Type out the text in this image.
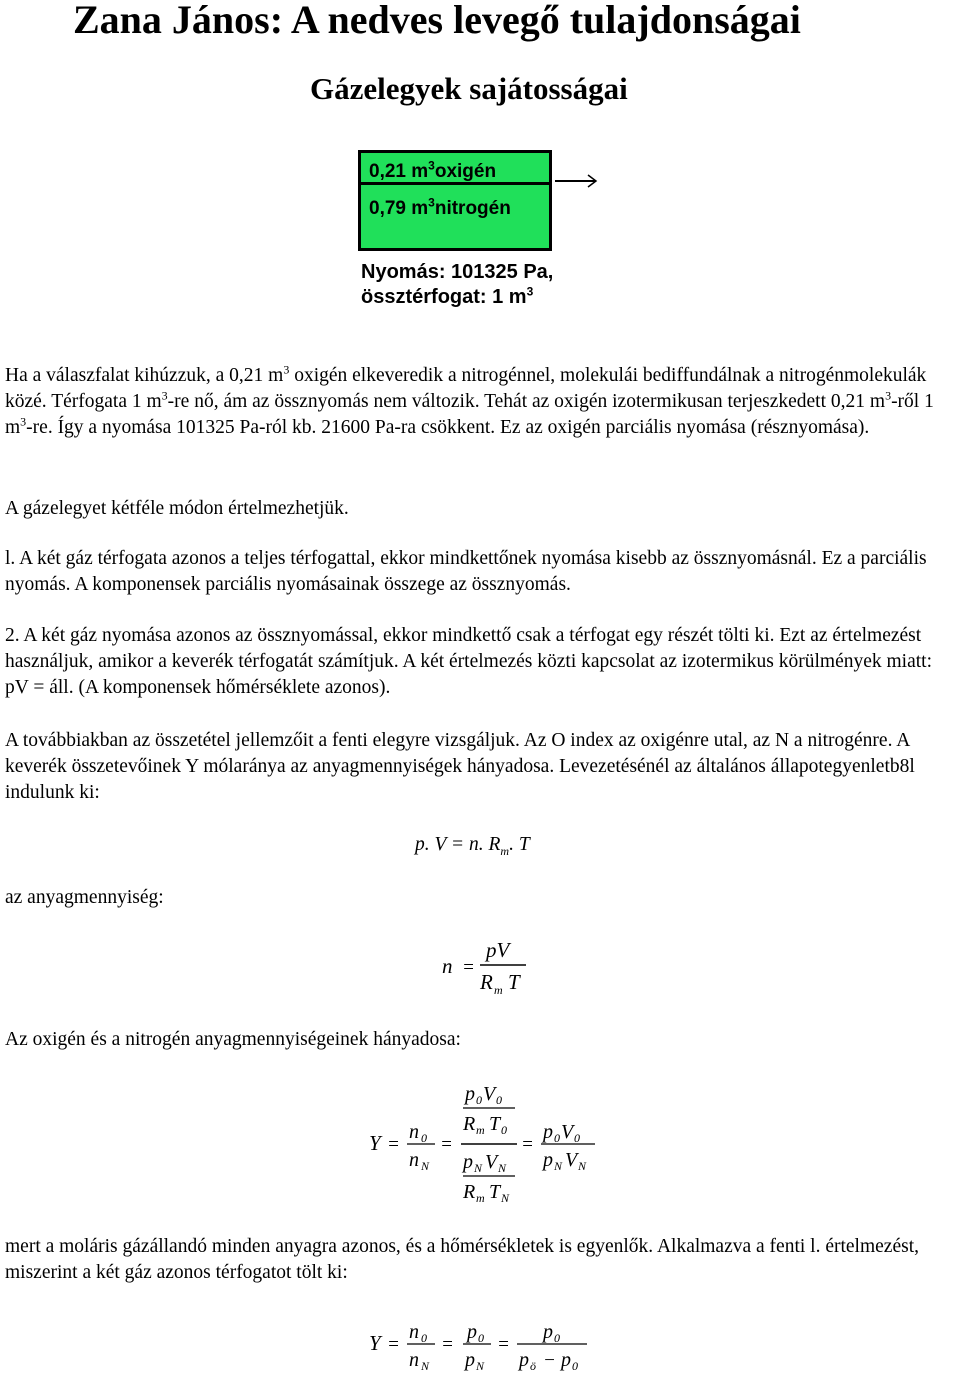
Zana János: A nedves levegő tulajdonságai
Gázelegyek sajátosságai
0,21 $m^3oxigén$
0,79 $m^3nitrogén$
Nyomás: 101325 Pa,
össztérfogat: 1 $m^3$
Ha a válaszfalat kihúzzuk, a 0,21 $m^3$ oxigén elkeveredik a nitrogénnel, molekulái bediffundálnak a nitrogénmolekulák közé. Térfogata 1 $m^3-re$ nő, ám az össznyomás nem változik. Tehát az oxigén izotermikusan terjeszkedett 0,21 $m^3$-ről 1 $m^3-re$. Így a nyomása 101325 Pa-ról kb. 21600 Pa-ra csökkent. Ez az oxigén parciális nyomása (résznyomása).
A gázelegyet kétféle módon értelmezhetjük.
l. A két gáz térfogata azonos a teljes térfogattal, ekkor mindkettőnek nyomása kisebb az össznyomásnál. Ez a parciális nyomás. A komponensek parciális nyomásainak összege az össznyomás.
2. A két gáz nyomása azonos az össznyomással, ekkor mindkettő csak a térfogat egy részét tölti ki. Ezt az értelmezést használjuk, amikor a keverék térfogatát számítjuk. A két értelmezés közti kapcsolat az izotermikus körülmények miatt: pV = áll. (A komponensek hőmérséklete azonos).
A továbbiakban az összetétel jellemzőit a fenti elegyre vizsgáljuk. Az O index az oxigénre utal, az N a nitrogénre. A keverék összetevőinek Y mólaránya az anyagmennyiségek hányadosa. Levezetésénél az általános állapotegyenletb8l indulunk ki:
p. V = n. $R_m$. T
az anyagmennyiség:
n =
pV
R m T
Az oxigén és a nitrogén anyagmennyiségeinek hányadosa:
Y =
n 0
n N
=
p 0 V 0
R m T 0
p N V N
R m T N
=
p 0 V 0
p N V N
mert a moláris gázállandó minden anyagra azonos, és a hőmérsékletek is egyenlők. Alkalmazva a fenti l. értelmezést, miszerint a két gáz azonos térfogatot tölt ki:
Y =
n 0
n N
=
p 0
p N
=
p 0
p ö − p 0
